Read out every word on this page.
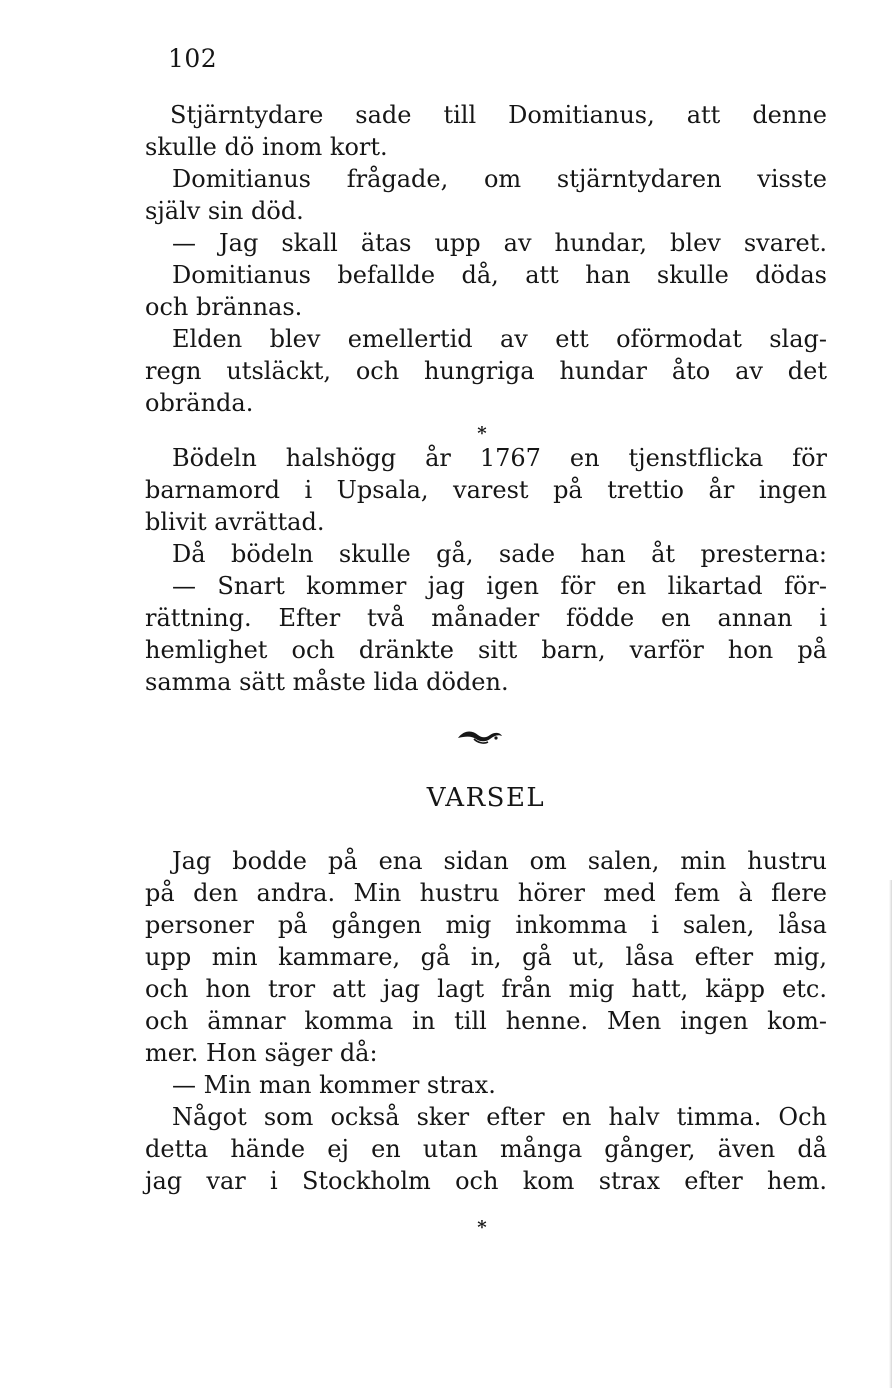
102
Stjärntydare sade till Domitianus, att denne
skulle dö inom kort.
Domitianus frågade, om stjärntydaren visste
själv sin död.
— Jag skall ätas upp av hundar, blev svaret.
Domitianus befallde då, att han skulle dödas
och brännas.
Elden blev emellertid av ett oförmodat slag-
regn utsläckt, och hungriga hundar åto av det
obrända.
*
Bödeln halshögg år 1767 en tjenstflicka för
barnamord i Upsala, varest på trettio år ingen
blivit avrättad.
Då bödeln skulle gå, sade han åt presterna:
— Snart kommer jag igen för en likartad för-
rättning. Efter två månader födde en annan i
hemlighet och dränkte sitt barn, varför hon på
samma sätt måste lida döden.
VARSEL
Jag bodde på ena sidan om salen, min hustru
på den andra. Min hustru hörer med fem à flere
personer på gången mig inkomma i salen, låsa
upp min kammare, gå in, gå ut, låsa efter mig,
och hon tror att jag lagt från mig hatt, käpp etc.
och ämnar komma in till henne. Men ingen kom-
mer. Hon säger då:
— Min man kommer strax.
Något som också sker efter en halv timma. Och
detta hände ej en utan många gånger, även då
jag var i Stockholm och kom strax efter hem.
*
